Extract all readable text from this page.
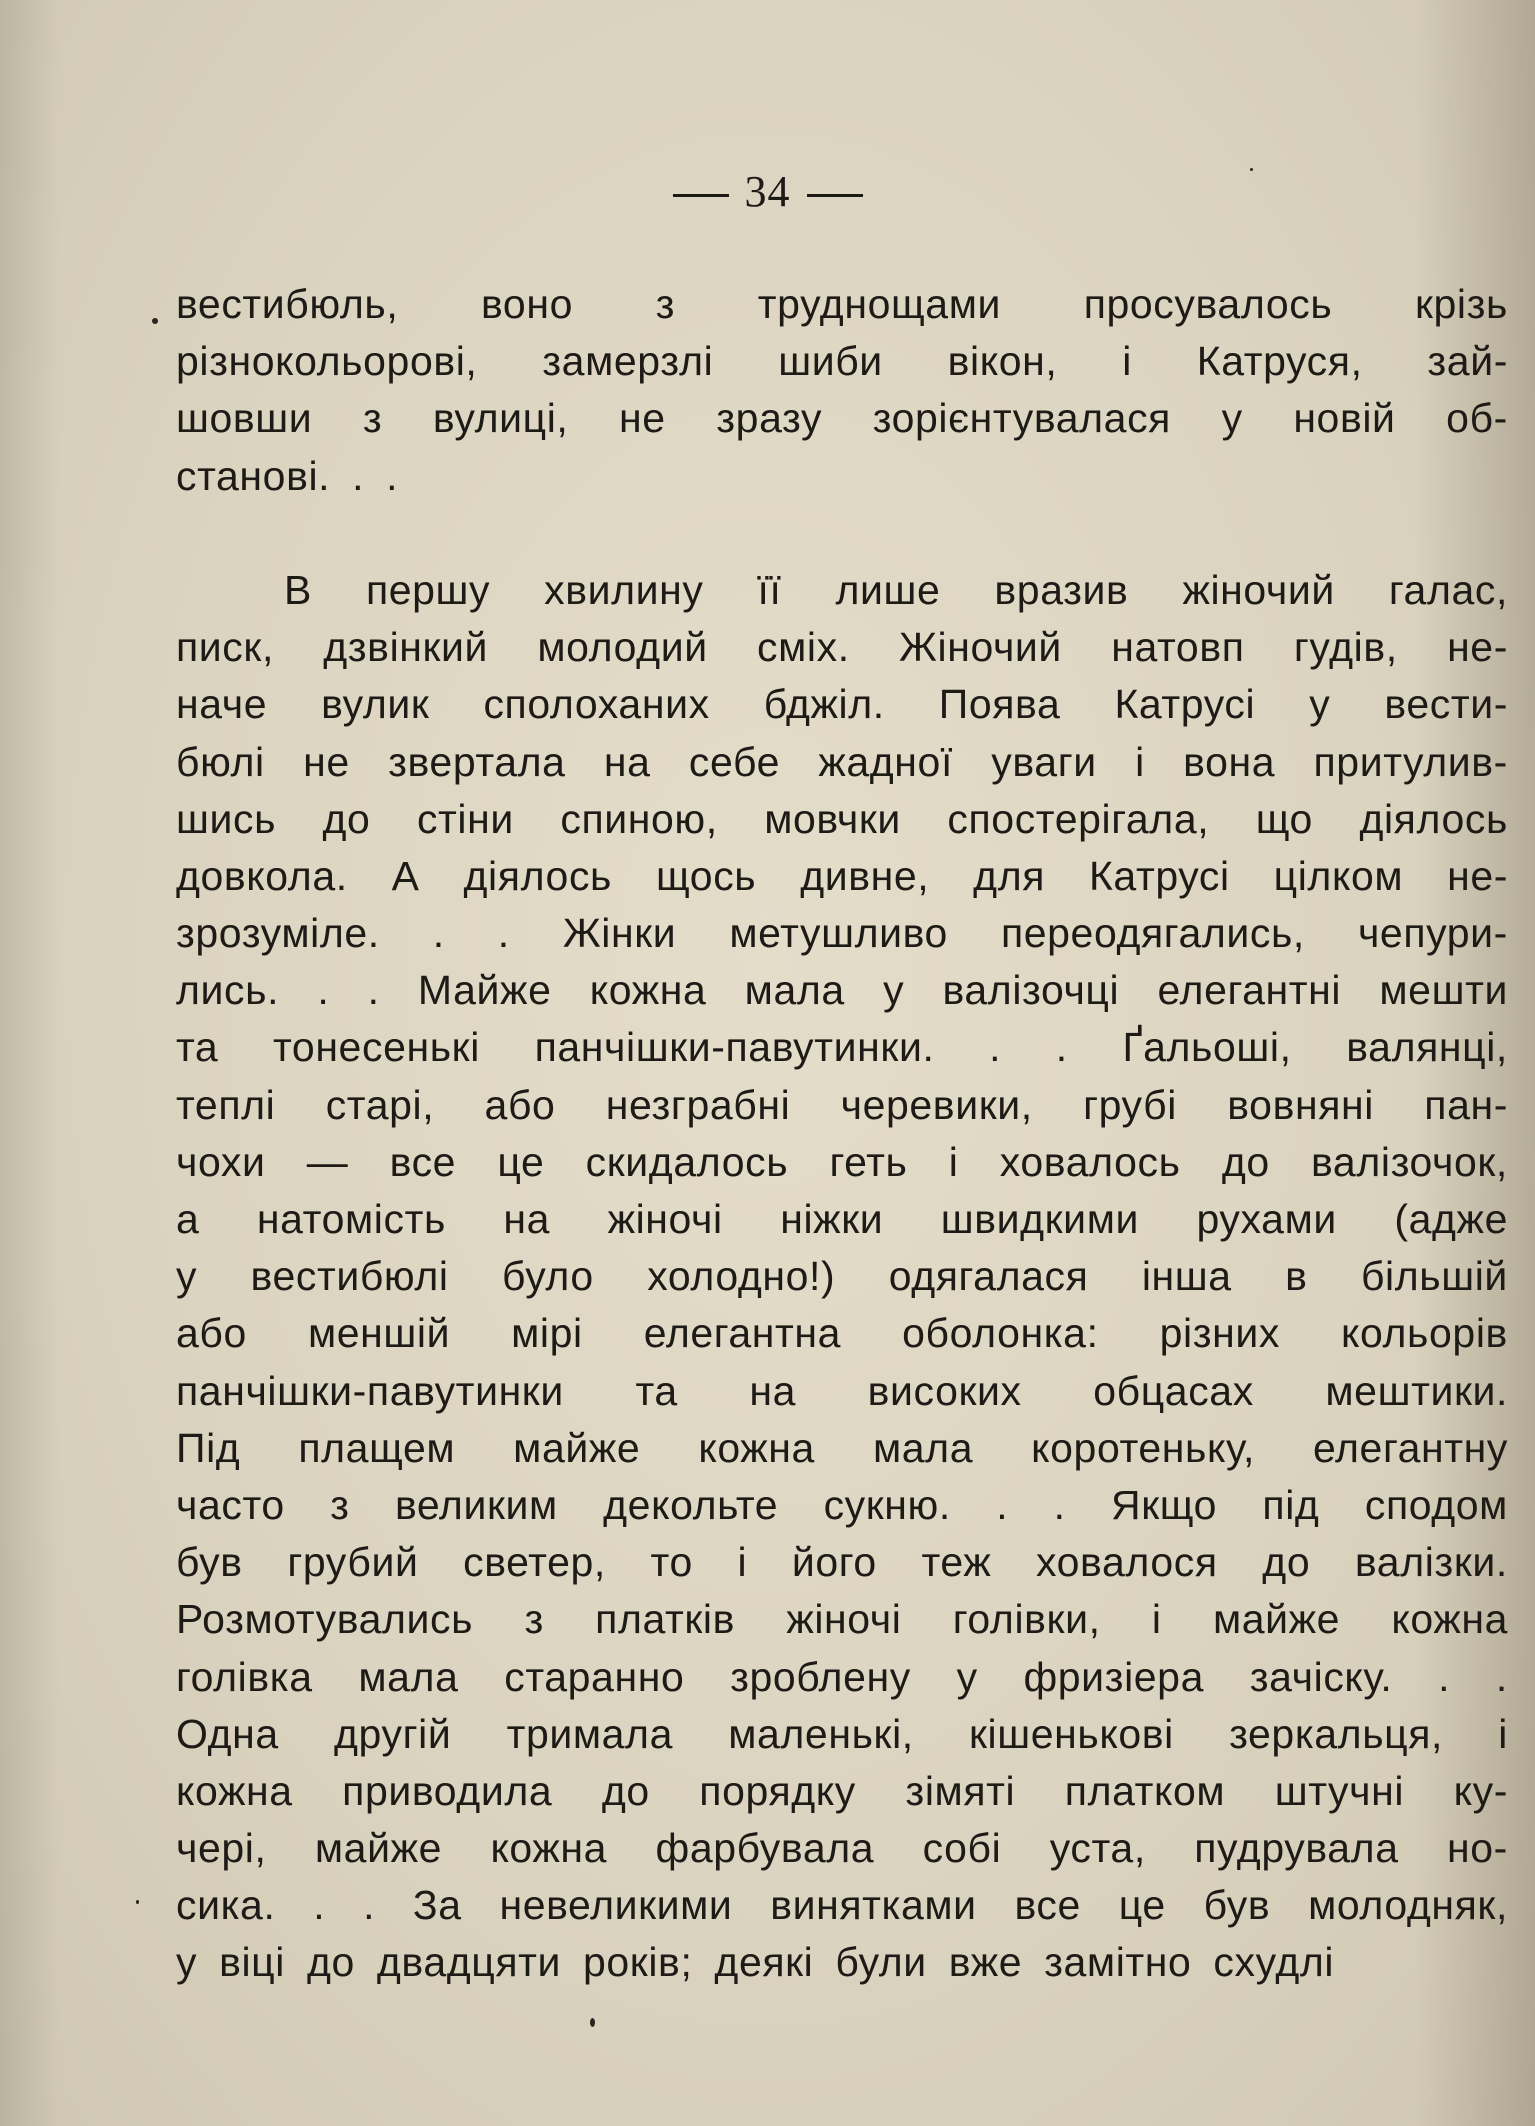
34
вестибюль, воно з труднощами просувалось крізь
різнокольорові, замерзлі шиби вікон, і Катруся, зай-
шовши з вулиці, не зразу зорієнтувалася у новій об-
станові. . .
В першу хвилину її лише вразив жіночий галас,
писк, дзвінкий молодий сміх. Жіночий натовп гудів, не-
наче вулик сполоханих бджіл. Поява Катрусі у вести-
бюлі не звертала на себе жадної уваги і вона притулив-
шись до стіни спиною, мовчки спостерігала, що діялось
довкола. А діялось щось дивне, для Катрусі цілком не-
зрозуміле. . . Жінки метушливо переодягались, чепури-
лись. . . Майже кожна мала у валізочці елегантні мешти
та тонесенькі панчішки-павутинки. . . Ґальоші, валянці,
теплі старі, або незграбні черевики, грубі вовняні пан-
чохи — все це скидалось геть і ховалось до валізочок,
а натомість на жіночі ніжки швидкими рухами (адже
у вестибюлі було холодно!) одягалася інша в більшій
або меншій мірі елегантна оболонка: різних кольорів
панчішки-павутинки та на високих обцасах мештики.
Під плащем майже кожна мала коротеньку, елегантну
часто з великим декольте сукню. . . Якщо під сподом
був грубий светер, то і його теж ховалося до валізки.
Розмотувались з платків жіночі голівки, і майже кожна
голівка мала старанно зроблену у фризіера зачіску. . .
Одна другій тримала маленькі, кішенькові зеркальця, і
кожна приводила до порядку зімяті платком штучні ку-
черi, майже кожна фарбувала собі уста, пудрувала но-
сика. . . За невеликими винятками все це був молодняк,
у віці до двадцяти років; деякі були вже замітно схудлі
